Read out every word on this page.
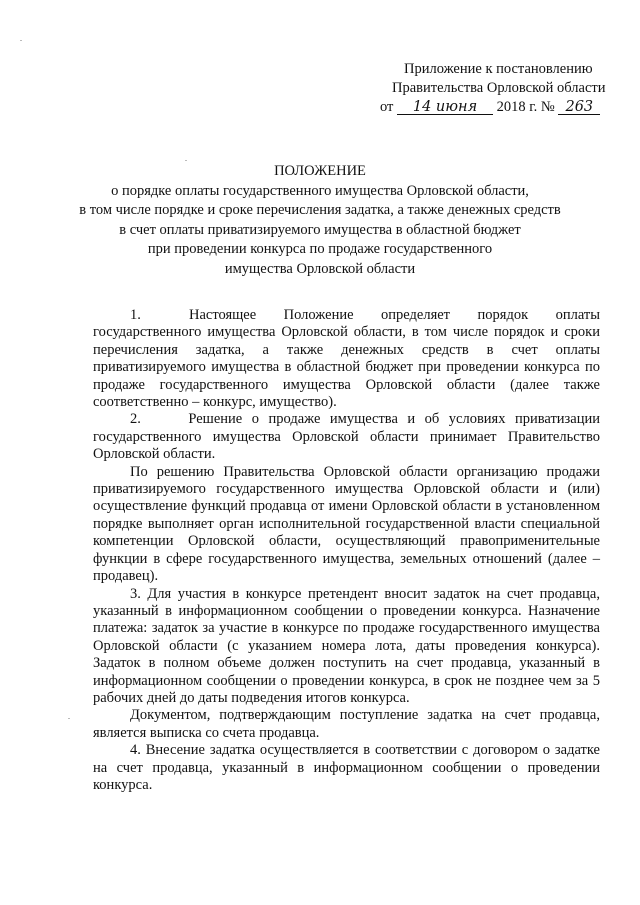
Приложение к постановлению
Правительства Орловской области
от 14 июня 2018 г. № 263
ПОЛОЖЕНИЕ
о порядке оплаты государственного имущества Орловской области,
в том числе порядке и сроке перечисления задатка, а также денежных средств
в счет оплаты приватизируемого имущества в областной бюджет
при проведении конкурса по продаже государственного
имущества Орловской области

1.       Настоящее    Положение    определяет    порядок    оплаты государственного имущества Орловской области, в том числе порядок и сроки перечисления задатка, а также денежных средств в счет оплаты приватизируемого имущества в областной бюджет при проведении конкурса по продаже государственного имущества Орловской области (далее также соответственно – конкурс, имущество).

2.     Решение о продаже имущества и об условиях приватизации государственного имущества Орловской области принимает Правительство Орловской области.

По решению Правительства Орловской области организацию продажи приватизируемого государственного имущества Орловской области и (или) осуществление функций продавца от имени Орловской области в установленном порядке выполняет орган исполнительной государственной власти специальной компетенции Орловской области, осуществляющий правоприменительные функции в сфере государственного имущества, земельных отношений (далее – продавец).

3. Для участия в конкурсе претендент вносит задаток на счет продавца, указанный в информационном сообщении о проведении конкурса. Назначение платежа: задаток за участие в конкурсе по продаже государственного имущества Орловской области (с указанием номера лота, даты проведения конкурса). Задаток в полном объеме должен поступить на счет продавца, указанный в информационном сообщении о проведении конкурса, в срок не позднее чем за 5 рабочих дней до даты подведения итогов конкурса.

Документом, подтверждающим поступление задатка на счет продавца, является выписка со счета продавца.

4. Внесение задатка осуществляется в соответствии с договором о задатке на счет продавца, указанный в информационном сообщении о проведении конкурса.
